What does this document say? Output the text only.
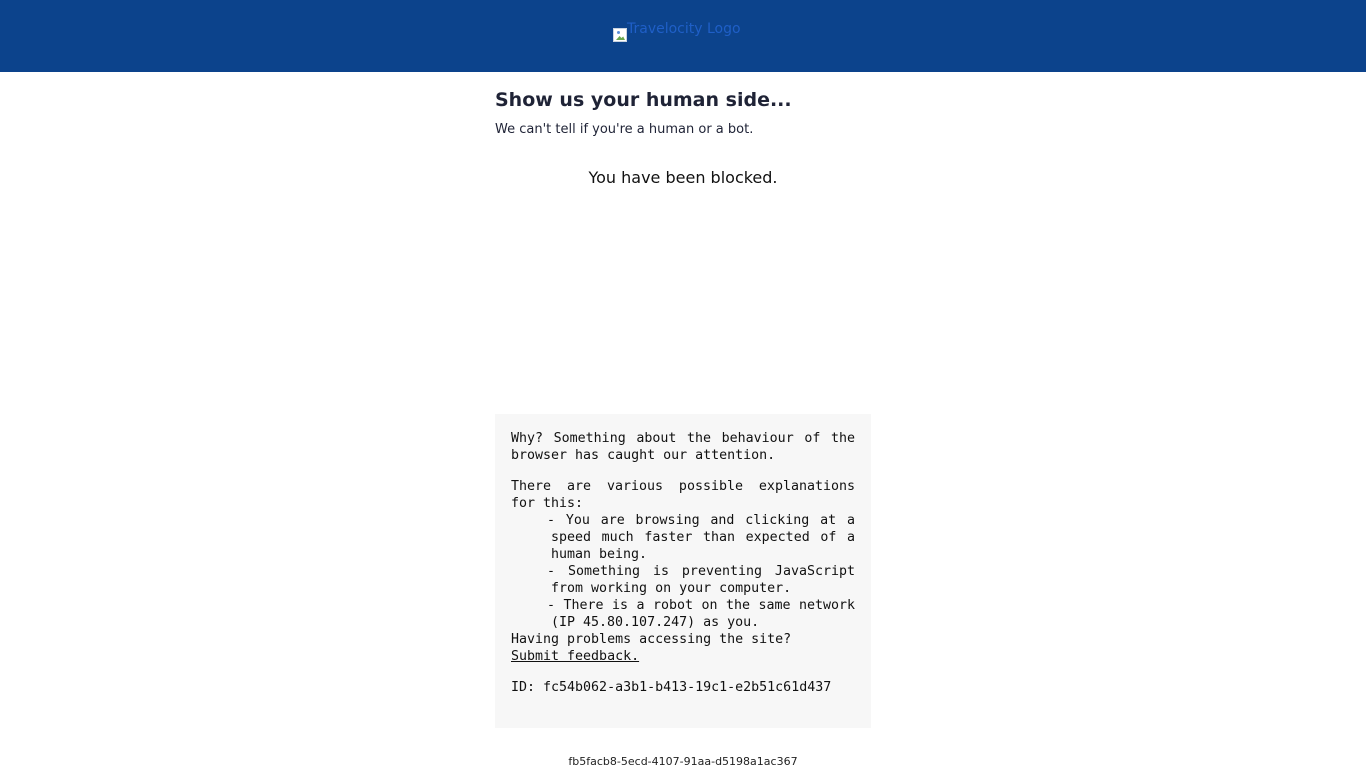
Travelocity Logo
Show us your human side...

We can't tell if you're a human or a bot.

You have been blocked.

Why? Something about the behaviour of the browser has caught our attention.

There are various possible explanations for this:

- You are browsing and clicking at a speed much faster than expected of a human being.
- Something is preventing JavaScript from working on your computer.
- There is a robot on the same network (IP 45.80.107.247) as you.

Having problems accessing the site?

Submit feedback.

ID: fc54b062-a3b1-b413-19c1-e2b51c61d437

fb5facb8-5ecd-4107-91aa-d5198a1ac367
